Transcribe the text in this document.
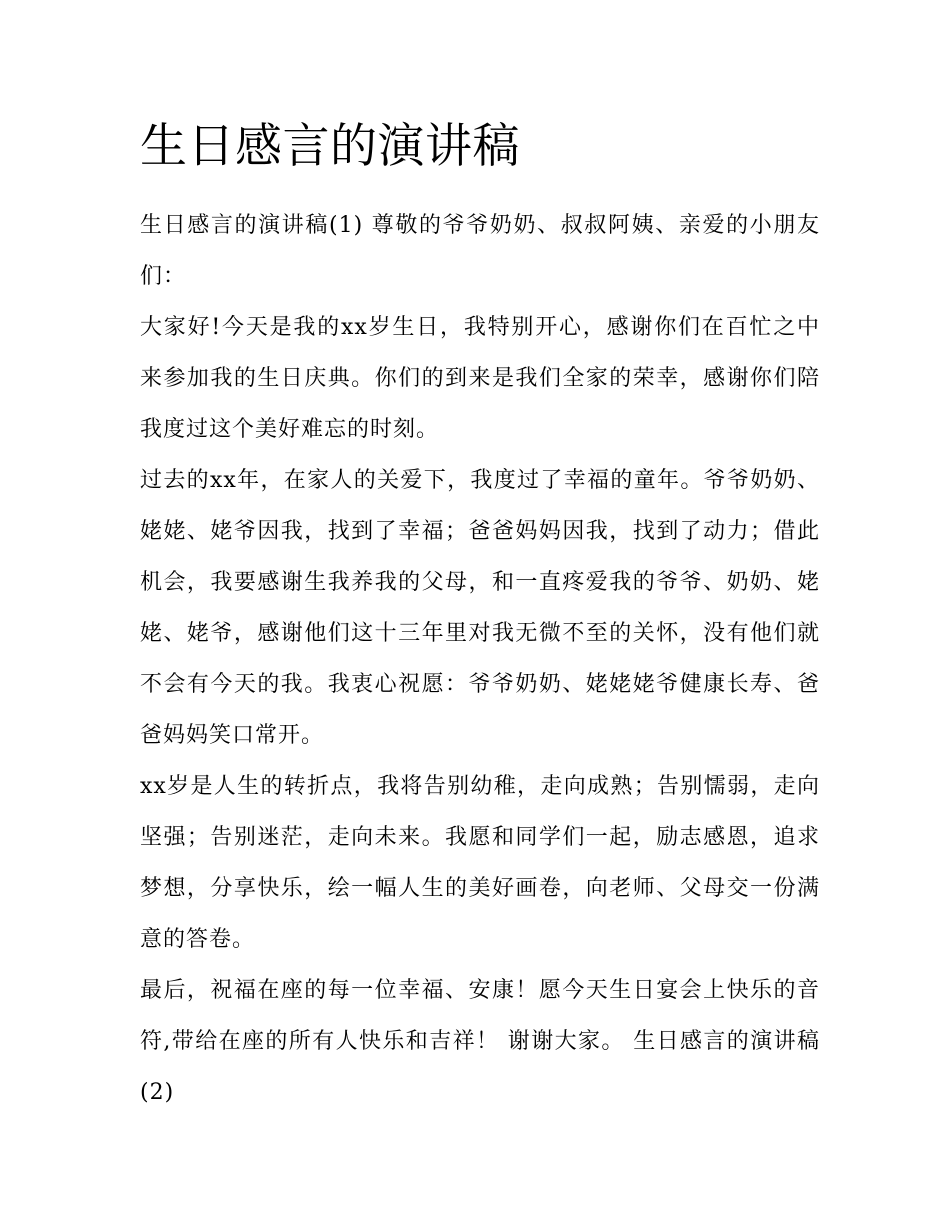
生日感言的演讲稿

生日感言的演讲稿(1) 尊敬的爷爷奶奶、叔叔阿姨、亲爱的小朋友们：

大家好!今天是我的xx岁生日，我特别开心，感谢你们在百忙之中来参加我的生日庆典。你们的到来是我们全家的荣幸，感谢你们陪我度过这个美好难忘的时刻。

过去的xx年，在家人的关爱下，我度过了幸福的童年。爷爷奶奶、姥姥、姥爷因我，找到了幸福；爸爸妈妈因我，找到了动力；借此机会，我要感谢生我养我的父母，和一直疼爱我的爷爷、奶奶、姥姥、姥爷，感谢他们这十三年里对我无微不至的关怀，没有他们就不会有今天的我。我衷心祝愿：爷爷奶奶、姥姥姥爷健康长寿、爸爸妈妈笑口常开。

xx岁是人生的转折点，我将告别幼稚，走向成熟；告别懦弱，走向坚强；告别迷茫，走向未来。我愿和同学们一起，励志感恩，追求梦想，分享快乐，绘一幅人生的美好画卷，向老师、父母交一份满意的答卷。

最后，祝福在座的每一位幸福、安康！愿今天生日宴会上快乐的音符,带给在座的所有人快乐和吉祥！ 谢谢大家。 生日感言的演讲稿(2)
